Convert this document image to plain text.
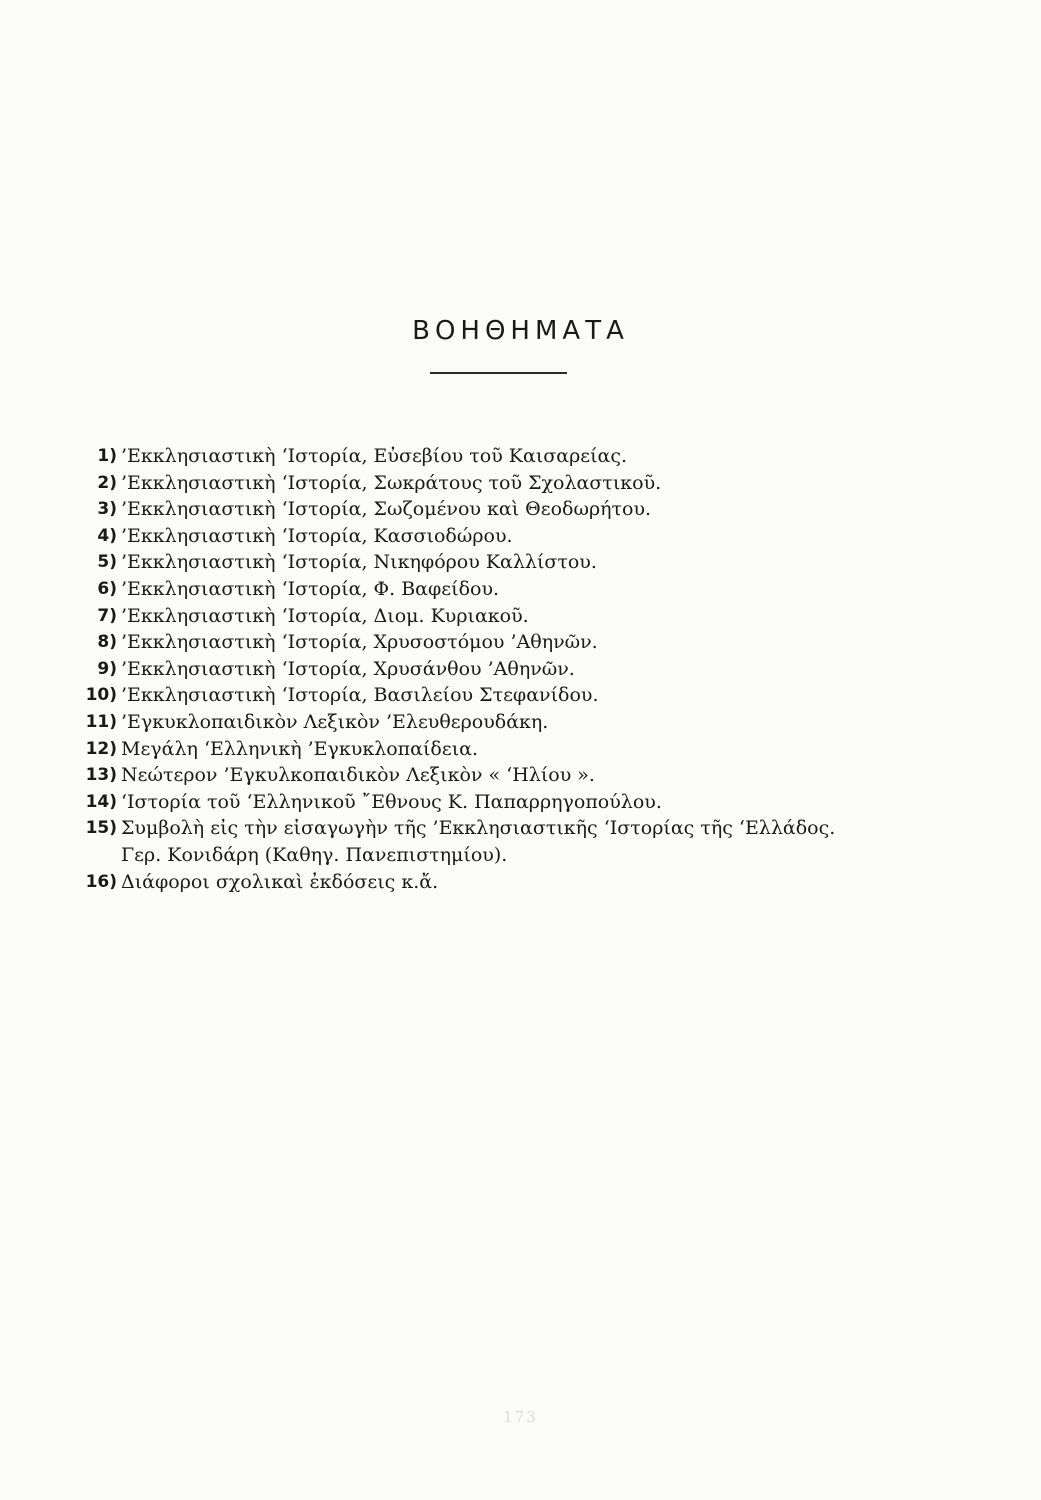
ΒΟΗΘΗΜΑΤΑ
1) ’Εκκλησιαστικὴ ‘Ιστορία, Εὐσεβίου τοῦ Καισαρείας.
2) ’Εκκλησιαστικὴ ‘Ιστορία, Σωκράτους τοῦ Σχολαστικοῦ.
3) ’Εκκλησιαστικὴ ‘Ιστορία, Σωζομένου καὶ Θεοδωρήτου.
4) ’Εκκλησιαστικὴ ‘Ιστορία, Κασσιοδώρου.
5) ’Εκκλησιαστικὴ ‘Ιστορία, Νικηφόρου Καλλίστου.
6) ’Εκκλησιαστικὴ ‘Ιστορία, Φ. Βαφείδου.
7) ’Εκκλησιαστικὴ ‘Ιστορία, Διομ. Κυριακοῦ.
8) ’Εκκλησιαστικὴ ‘Ιστορία, Χρυσοστόμου ’Αθηνῶν.
9) ’Εκκλησιαστικὴ ‘Ιστορία, Χρυσάνθου ’Αθηνῶν.
10) ’Εκκλησιαστικὴ ‘Ιστορία, Βασιλείου Στεφανίδου.
11) ’Εγκυκλοπαιδικὸν Λεξικὸν ’Ελευθερουδάκη.
12) Μεγάλη ‘Ελληνικὴ ’Εγκυκλοπαίδεια.
13) Νεώτερον ’Εγκυλκοπαιδικὸν Λεξικὸν « ‘Ηλίου ».
14) ‘Ιστορία τοῦ ‘Ελληνικοῦ ῎Εθνους Κ. Παπαρρηγοπούλου.
15) Συμβολὴ εἰς τὴν εἰσαγωγὴν τῆς ’Εκκλησιαστικῆς ‘Ιστορίας τῆς ‘Ελλάδος.
Γερ. Κονιδάρη (Καθηγ. Πανεπιστημίου).
16) Διάφοροι σχολικαὶ ἐκδόσεις κ.ἄ.
173
